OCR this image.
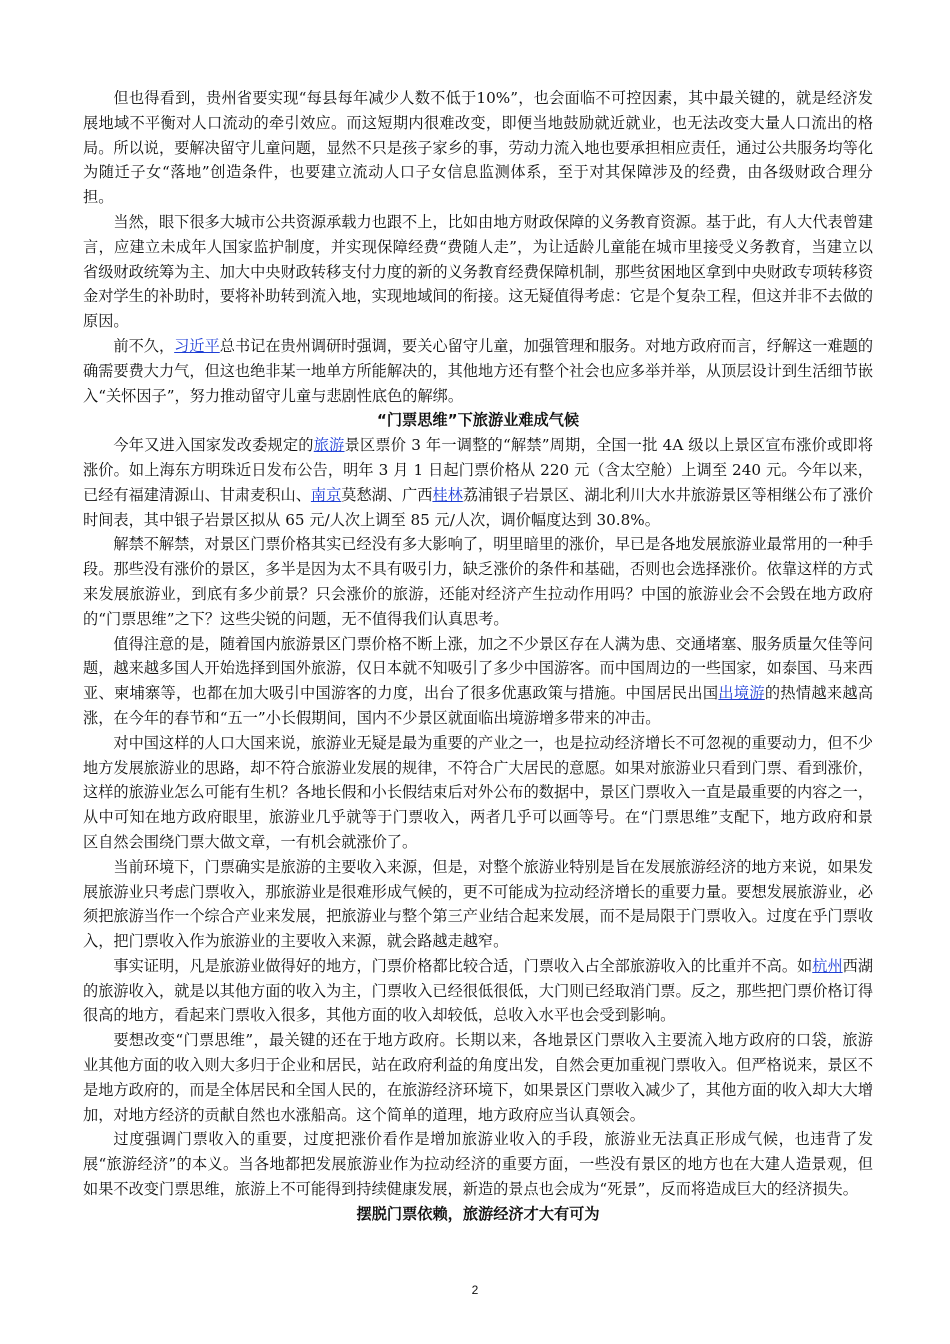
但也得看到，贵州省要实现“每县每年减少人数不低于10%”，也会面临不可控因素，其中最关键的，就是经济发展地域不平衡对人口流动的牵引效应。而这短期内很难改变，即便当地鼓励就近就业，也无法改变大量人口流出的格局。所以说，要解决留守儿童问题，显然不只是孩子家乡的事，劳动力流入地也要承担相应责任，通过公共服务均等化为随迁子女“落地”创造条件，也要建立流动人口子女信息监测体系，至于对其保障涉及的经费，由各级财政合理分担。

当然，眼下很多大城市公共资源承载力也跟不上，比如由地方财政保障的义务教育资源。基于此，有人大代表曾建言，应建立未成年人国家监护制度，并实现保障经费“费随人走”，为让适龄儿童能在城市里接受义务教育，当建立以省级财政统筹为主、加大中央财政转移支付力度的新的义务教育经费保障机制，那些贫困地区拿到中央财政专项转移资金对学生的补助时，要将补助转到流入地，实现地域间的衔接。这无疑值得考虑：它是个复杂工程，但这并非不去做的原因。

前不久，习近平总书记在贵州调研时强调，要关心留守儿童，加强管理和服务。对地方政府而言，纾解这一难题的确需要费大力气，但这也绝非某一地单方所能解决的，其他地方还有整个社会也应多举并举，从顶层设计到生活细节嵌入“关怀因子”，努力推动留守儿童与悲剧性底色的解绑。

“门票思维”下旅游业难成气候

今年又进入国家发改委规定的旅游景区票价 3 年一调整的“解禁”周期，全国一批 4A 级以上景区宣布涨价或即将涨价。如上海东方明珠近日发布公告，明年 3 月 1 日起门票价格从 220 元（含太空舱）上调至 240 元。今年以来，已经有福建清源山、甘肃麦积山、南京莫愁湖、广西桂林荔浦银子岩景区、湖北利川大水井旅游景区等相继公布了涨价时间表，其中银子岩景区拟从 65 元/人次上调至 85 元/人次，调价幅度达到 30.8%。

解禁不解禁，对景区门票价格其实已经没有多大影响了，明里暗里的涨价，早已是各地发展旅游业最常用的一种手段。那些没有涨价的景区，多半是因为太不具有吸引力，缺乏涨价的条件和基础，否则也会选择涨价。依靠这样的方式来发展旅游业，到底有多少前景？只会涨价的旅游，还能对经济产生拉动作用吗？中国的旅游业会不会毁在地方政府的“门票思维”之下？这些尖锐的问题，无不值得我们认真思考。

值得注意的是，随着国内旅游景区门票价格不断上涨，加之不少景区存在人满为患、交通堵塞、服务质量欠佳等问题，越来越多国人开始选择到国外旅游，仅日本就不知吸引了多少中国游客。而中国周边的一些国家，如泰国、马来西亚、柬埔寨等，也都在加大吸引中国游客的力度，出台了很多优惠政策与措施。中国居民出国出境游的热情越来越高涨，在今年的春节和“五一”小长假期间，国内不少景区就面临出境游增多带来的冲击。

对中国这样的人口大国来说，旅游业无疑是最为重要的产业之一，也是拉动经济增长不可忽视的重要动力，但不少地方发展旅游业的思路，却不符合旅游业发展的规律，不符合广大居民的意愿。如果对旅游业只看到门票、看到涨价，这样的旅游业怎么可能有生机？各地长假和小长假结束后对外公布的数据中，景区门票收入一直是最重要的内容之一，从中可知在地方政府眼里，旅游业几乎就等于门票收入，两者几乎可以画等号。在“门票思维”支配下，地方政府和景区自然会围绕门票大做文章，一有机会就涨价了。

当前环境下，门票确实是旅游的主要收入来源，但是，对整个旅游业特别是旨在发展旅游经济的地方来说，如果发展旅游业只考虑门票收入，那旅游业是很难形成气候的，更不可能成为拉动经济增长的重要力量。要想发展旅游业，必须把旅游当作一个综合产业来发展，把旅游业与整个第三产业结合起来发展，而不是局限于门票收入。过度在乎门票收入，把门票收入作为旅游业的主要收入来源，就会路越走越窄。

事实证明，凡是旅游业做得好的地方，门票价格都比较合适，门票收入占全部旅游收入的比重并不高。如杭州西湖的旅游收入，就是以其他方面的收入为主，门票收入已经很低很低，大门则已经取消门票。反之，那些把门票价格订得很高的地方，看起来门票收入很多，其他方面的收入却较低，总收入水平也会受到影响。

要想改变“门票思维”，最关键的还在于地方政府。长期以来，各地景区门票收入主要流入地方政府的口袋，旅游业其他方面的收入则大多归于企业和居民，站在政府利益的角度出发，自然会更加重视门票收入。但严格说来，景区不是地方政府的，而是全体居民和全国人民的，在旅游经济环境下，如果景区门票收入减少了，其他方面的收入却大大增加，对地方经济的贡献自然也水涨船高。这个简单的道理，地方政府应当认真领会。

过度强调门票收入的重要，过度把涨价看作是增加旅游业收入的手段，旅游业无法真正形成气候，也违背了发展“旅游经济”的本义。当各地都把发展旅游业作为拉动经济的重要方面，一些没有景区的地方也在大建人造景观，但如果不改变门票思维，旅游上不可能得到持续健康发展，新造的景点也会成为“死景”，反而将造成巨大的经济损失。

摆脱门票依赖，旅游经济才大有可为
2
